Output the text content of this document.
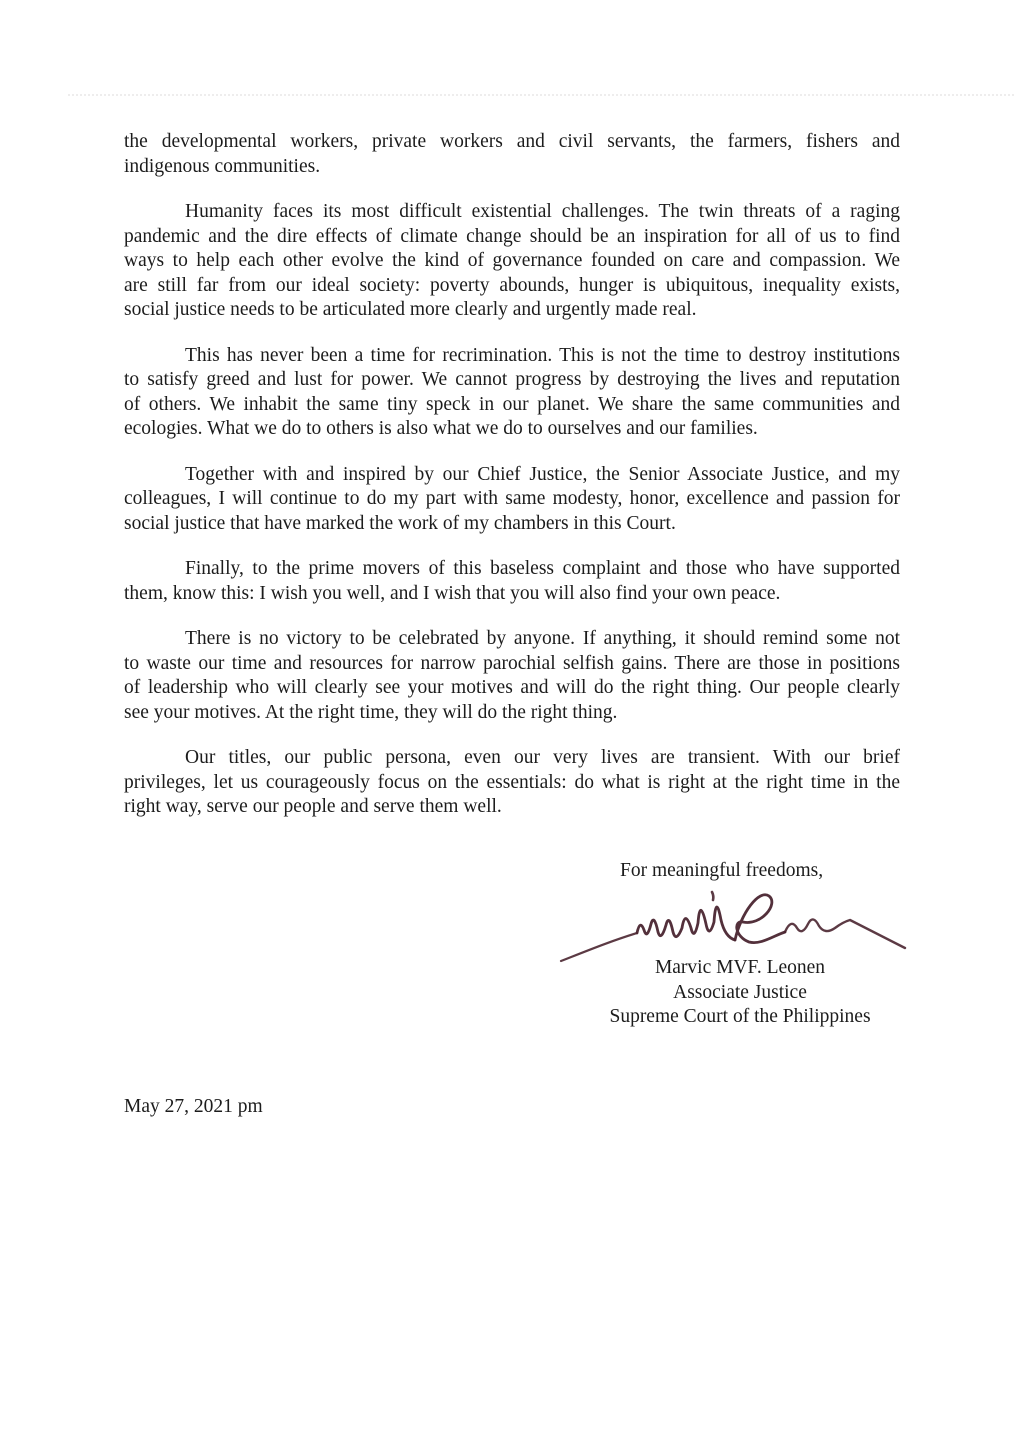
the developmental workers, private workers and civil servants, the farmers, fishers and
indigenous communities.
Humanity faces its most difficult existential challenges. The twin threats of a raging
pandemic and the dire effects of climate change should be an inspiration for all of us to find
ways to help each other evolve the kind of governance founded on care and compassion. We
are still far from our ideal society: poverty abounds, hunger is ubiquitous, inequality exists,
social justice needs to be articulated more clearly and urgently made real.
This has never been a time for recrimination. This is not the time to destroy institutions
to satisfy greed and lust for power. We cannot progress by destroying the lives and reputation
of others. We inhabit the same tiny speck in our planet. We share the same communities and
ecologies. What we do to others is also what we do to ourselves and our families.
Together with and inspired by our Chief Justice, the Senior Associate Justice, and my
colleagues, I will continue to do my part with same modesty, honor, excellence and passion for
social justice that have marked the work of my chambers in this Court.
Finally, to the prime movers of this baseless complaint and those who have supported
them, know this: I wish you well, and I wish that you will also find your own peace.
There is no victory to be celebrated by anyone. If anything, it should remind some not
to waste our time and resources for narrow parochial selfish gains. There are those in positions
of leadership who will clearly see your motives and will do the right thing. Our people clearly
see your motives. At the right time, they will do the right thing.
Our titles, our public persona, even our very lives are transient. With our brief
privileges, let us courageously focus on the essentials: do what is right at the right time in the
right way, serve our people and serve them well.
For meaningful freedoms,
Marvic MVF. Leonen
Associate Justice
Supreme Court of the Philippines
May 27, 2021 pm
